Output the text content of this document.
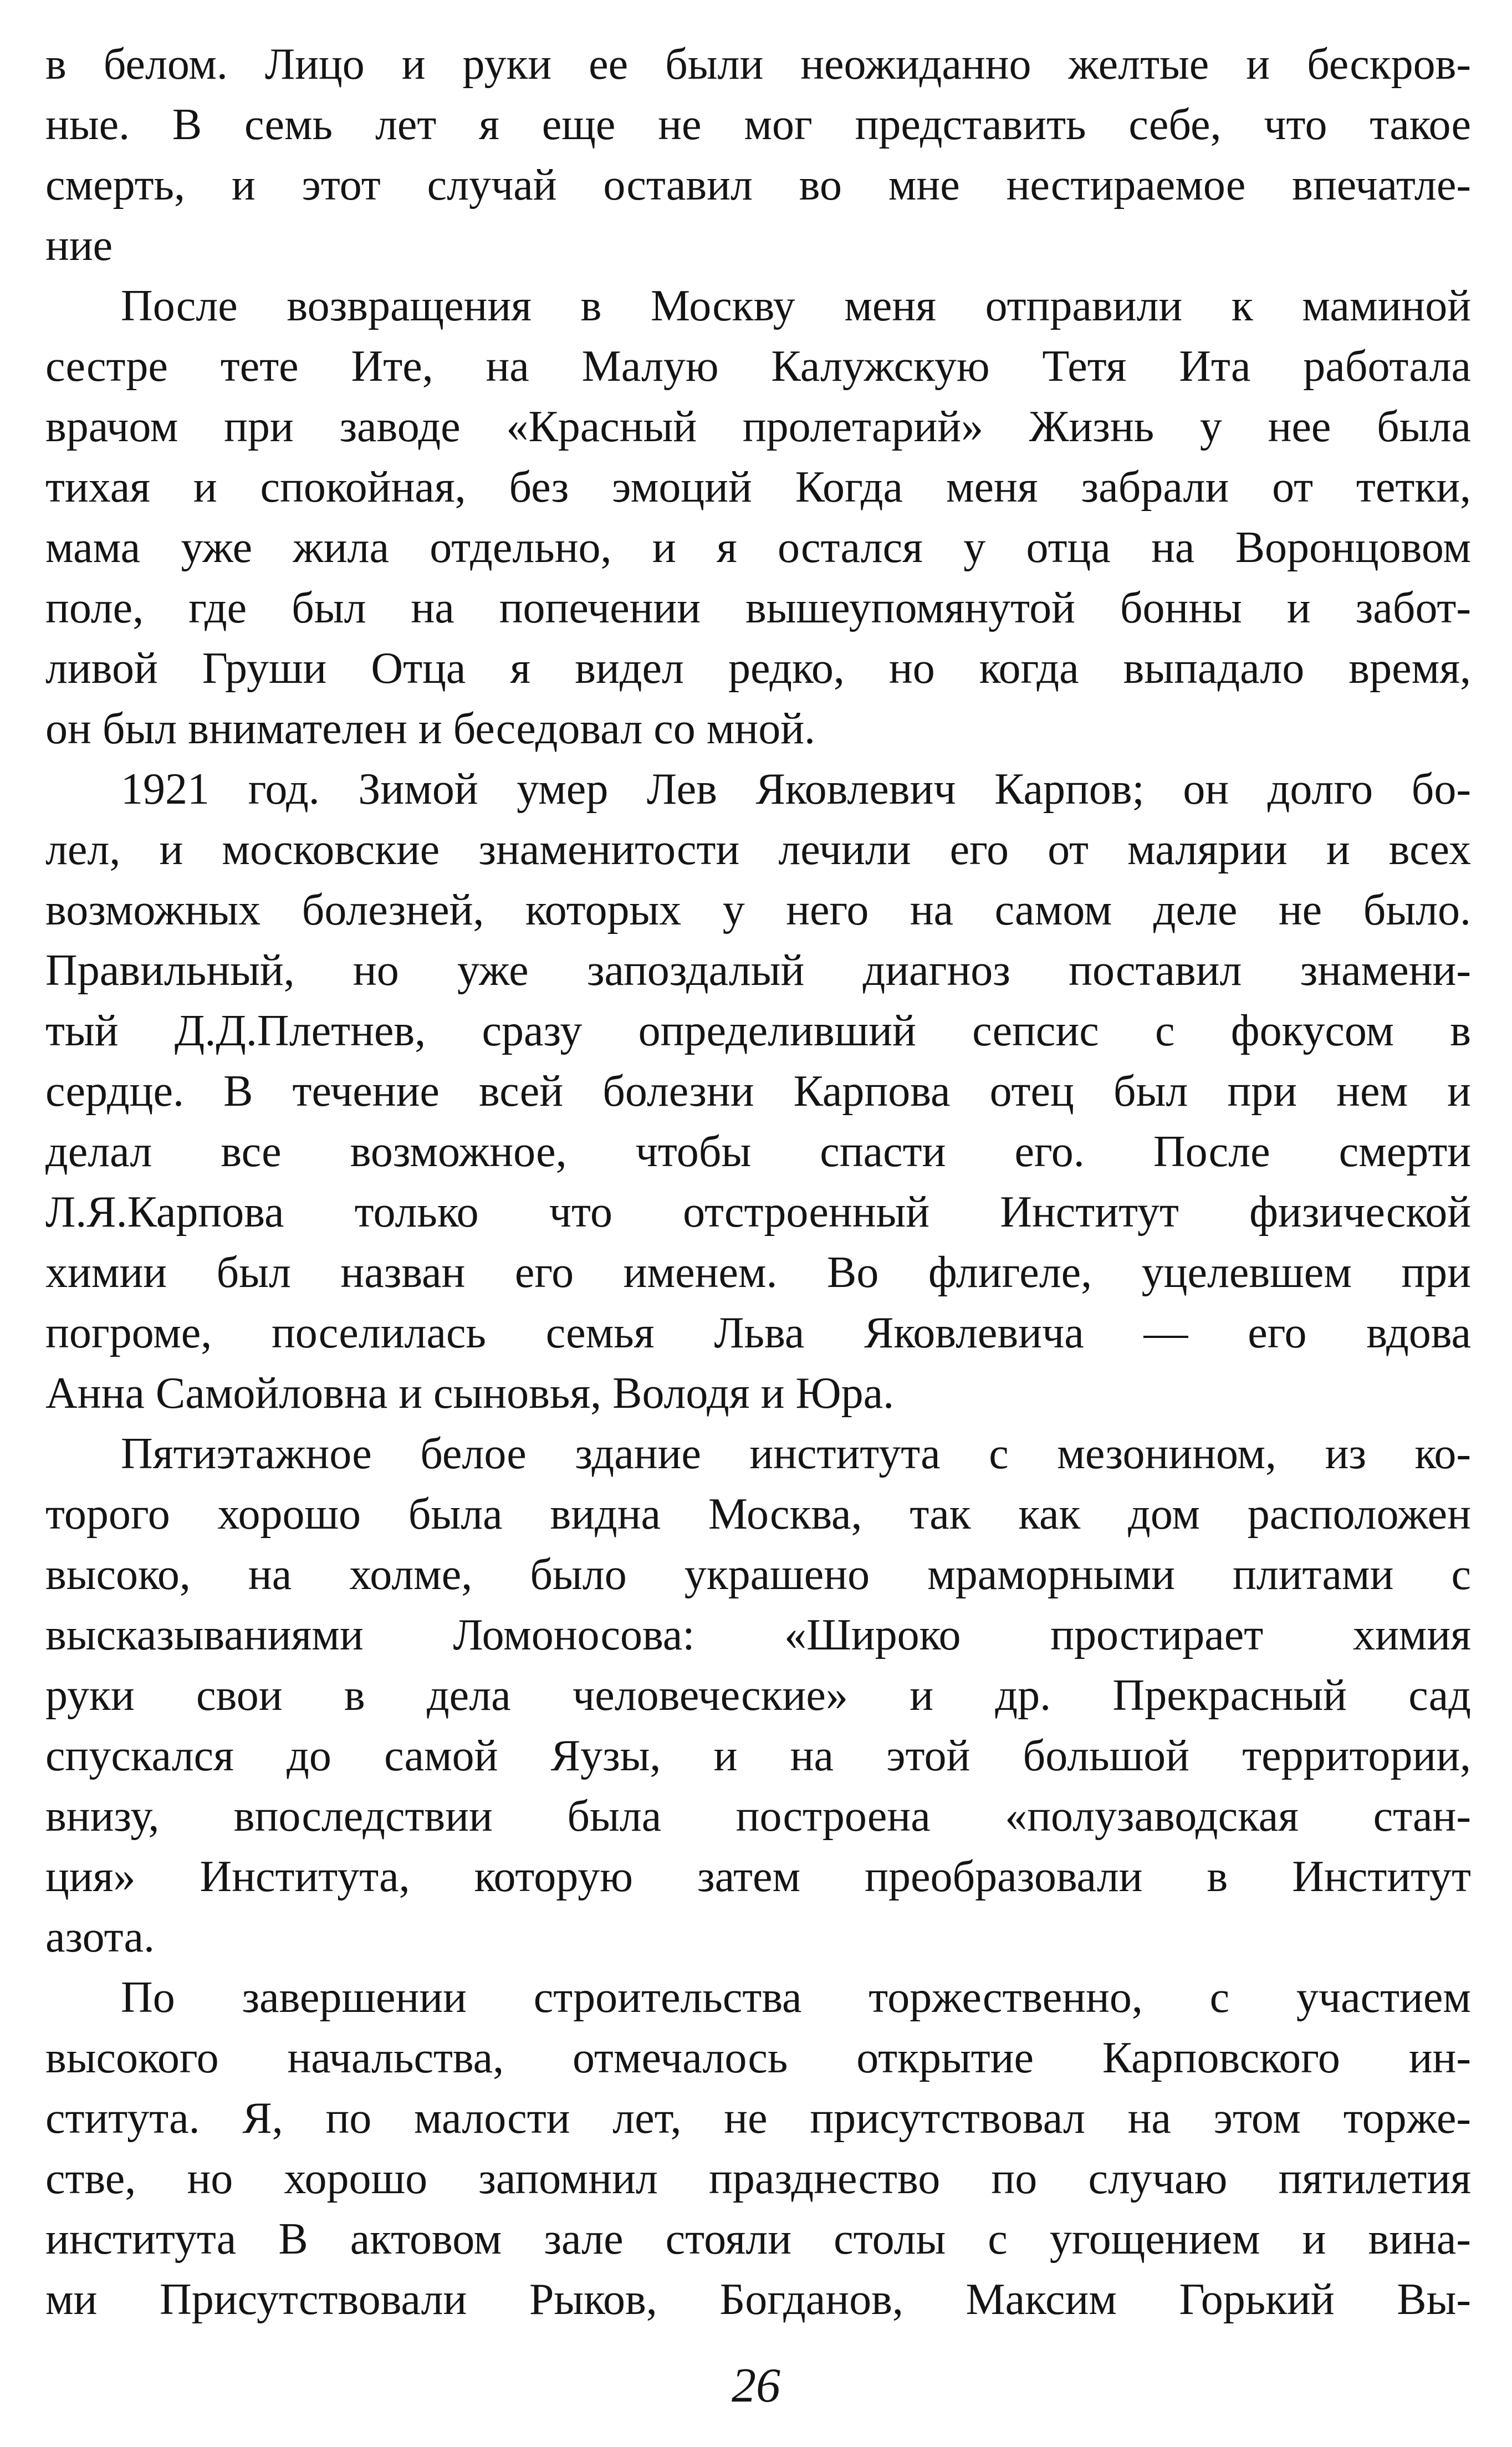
в белом. Лицо и руки ее были неожиданно желтые и бескров-
ные. В семь лет я еще не мог представить себе, что такое
смерть, и этот случай оставил во мне нестираемое впечатле-
ние
После возвращения в Москву меня отправили к маминой
сестре тете Ите, на Малую Калужскую Тетя Ита работала
врачом при заводе «Красный пролетарий» Жизнь у нее была
тихая и спокойная, без эмоций Когда меня забрали от тетки,
мама уже жила отдельно, и я остался у отца на Воронцовом
поле, где был на попечении вышеупомянутой бонны и забот-
ливой Груши Отца я видел редко, но когда выпадало время,
он был внимателен и беседовал со мной.
1921 год. Зимой умер Лев Яковлевич Карпов; он долго бо-
лел, и московские знаменитости лечили его от малярии и всех
возможных болезней, которых у него на самом деле не было.
Правильный, но уже запоздалый диагноз поставил знамени-
тый Д.Д.Плетнев, сразу определивший сепсис с фокусом в
сердце. В течение всей болезни Карпова отец был при нем и
делал все возможное, чтобы спасти его. После смерти
Л.Я.Карпова только что отстроенный Институт физической
химии был назван его именем. Во флигеле, уцелевшем при
погроме, поселилась семья Льва Яковлевича — его вдова
Анна Самойловна и сыновья, Володя и Юра.
Пятиэтажное белое здание института с мезонином, из ко-
торого хорошо была видна Москва, так как дом расположен
высоко, на холме, было украшено мраморными плитами с
высказываниями Ломоносова: «Широко простирает химия
руки свои в дела человеческие» и др. Прекрасный сад
спускался до самой Яузы, и на этой большой территории,
внизу, впоследствии была построена «полузаводская стан-
ция» Института, которую затем преобразовали в Институт
азота.
По завершении строительства торжественно, с участием
высокого начальства, отмечалось открытие Карповского ин-
ститута. Я, по малости лет, не присутствовал на этом торже-
стве, но хорошо запомнил празднество по случаю пятилетия
института В актовом зале стояли столы с угощением и вина-
ми Присутствовали Рыков, Богданов, Максим Горький Вы-
26
